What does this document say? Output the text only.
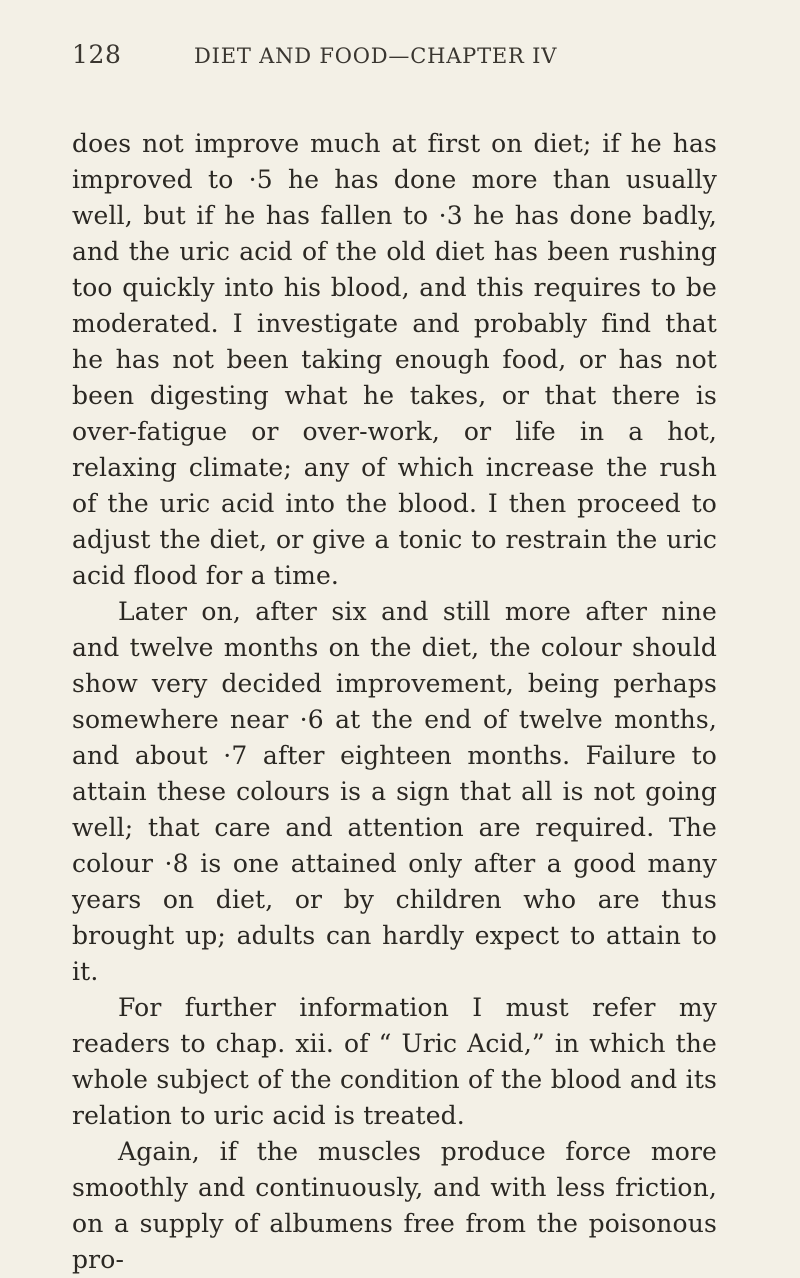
128	DIET AND FOOD—CHAPTER IV

does not improve much at first on diet; if he has improved to ·5 he has done more than usually well, but if he has fallen to ·3 he has done badly, and the uric acid of the old diet has been rushing too quickly into his blood, and this requires to be moderated. I investigate and probably find that he has not been taking enough food, or has not been digesting what he takes, or that there is over-fatigue or over-work, or life in a hot, relaxing climate; any of which increase the rush of the uric acid into the blood. I then proceed to adjust the diet, or give a tonic to restrain the uric acid flood for a time.

Later on, after six and still more after nine and twelve months on the diet, the colour should show very decided improvement, being perhaps somewhere near ·6 at the end of twelve months, and about ·7 after eighteen months. Failure to attain these colours is a sign that all is not going well; that care and attention are required. The colour ·8 is one attained only after a good many years on diet, or by children who are thus brought up; adults can hardly expect to attain to it.

For further information I must refer my readers to chap. xii. of “ Uric Acid,” in which the whole subject of the condition of the blood and its relation to uric acid is treated.

Again, if the muscles produce force more smoothly and continuously, and with less friction, on a supply of albumens free from the poisonous pro-
